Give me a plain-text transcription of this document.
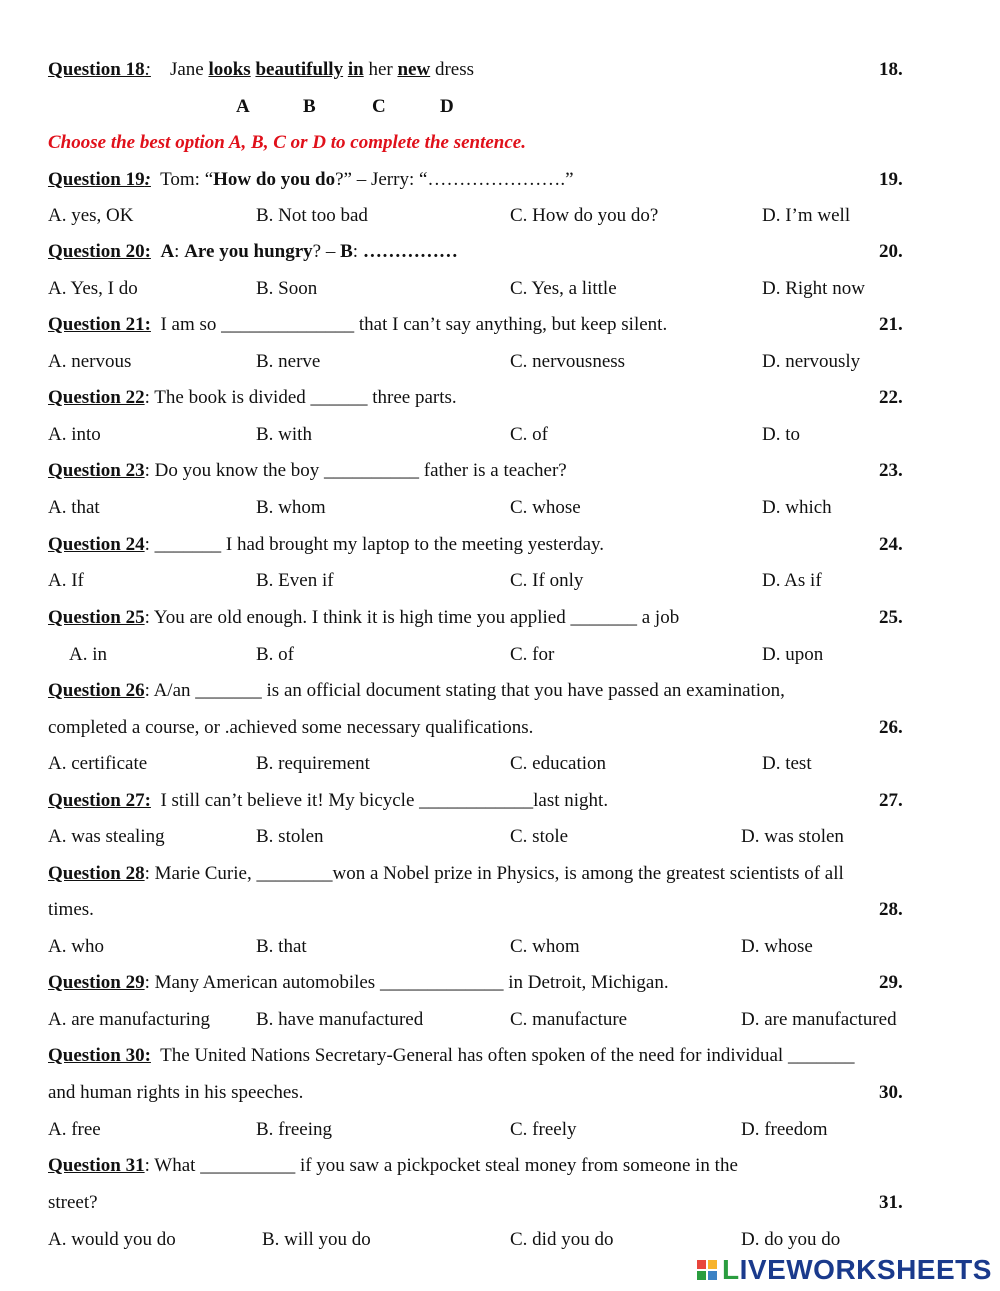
Question 18: Jane looks beautifully in her new dress	18.
A	B	C	D
Choose the best option A, B, C or D to complete the sentence.
Question 19: Tom: “How do you do?” – Jerry: “………………….”	19.
A. yes, OK	B. Not too bad	C. How do you do?	D. I’m well
Question 20: A: Are you hungry? – B: ……………	20.
A. Yes, I do	B. Soon	C. Yes, a little	D. Right now
Question 21: I am so ______________ that I can’t say anything, but keep silent.	21.
A. nervous	B. nerve	C. nervousness	D. nervously
Question 22: The book is divided ______ three parts.	22.
A. into	B. with	C. of	D. to
Question 23: Do you know the boy __________ father is a teacher?	23.
A. that	B. whom	C. whose	D. which
Question 24: _______ I had brought my laptop to the meeting yesterday.	24.
A. If	B. Even if	C. If only	D. As if
Question 25: You are old enough. I think it is high time you applied _______ a job	25.
A. in	B. of	C. for	D. upon
Question 26: A/an _______ is an official document stating that you have passed an examination,
completed a course, or .achieved some necessary qualifications.	26.
A. certificate	B. requirement	C. education	D. test
Question 27: I still can’t believe it! My bicycle ____________last night.	27.
A. was stealing	B. stolen	C. stole	D. was stolen
Question 28: Marie Curie, ________won a Nobel prize in Physics, is among the greatest scientists of all
times.	28.
A. who	B. that	C. whom	D. whose
Question 29: Many American automobiles _____________ in Detroit, Michigan.	29.
A. are manufacturing B. have manufactured	C. manufacture	D. are manufactured
Question 30: The United Nations Secretary-General has often spoken of the need for individual _______
and human rights in his speeches.	30.
A. free	B. freeing	C. freely	D. freedom
Question 31: What __________ if you saw a pickpocket steal money from someone in the
street?	31.
A. would you do	B. will you do	C. did you do	D. do you do
LIVEWORKSHEETS
